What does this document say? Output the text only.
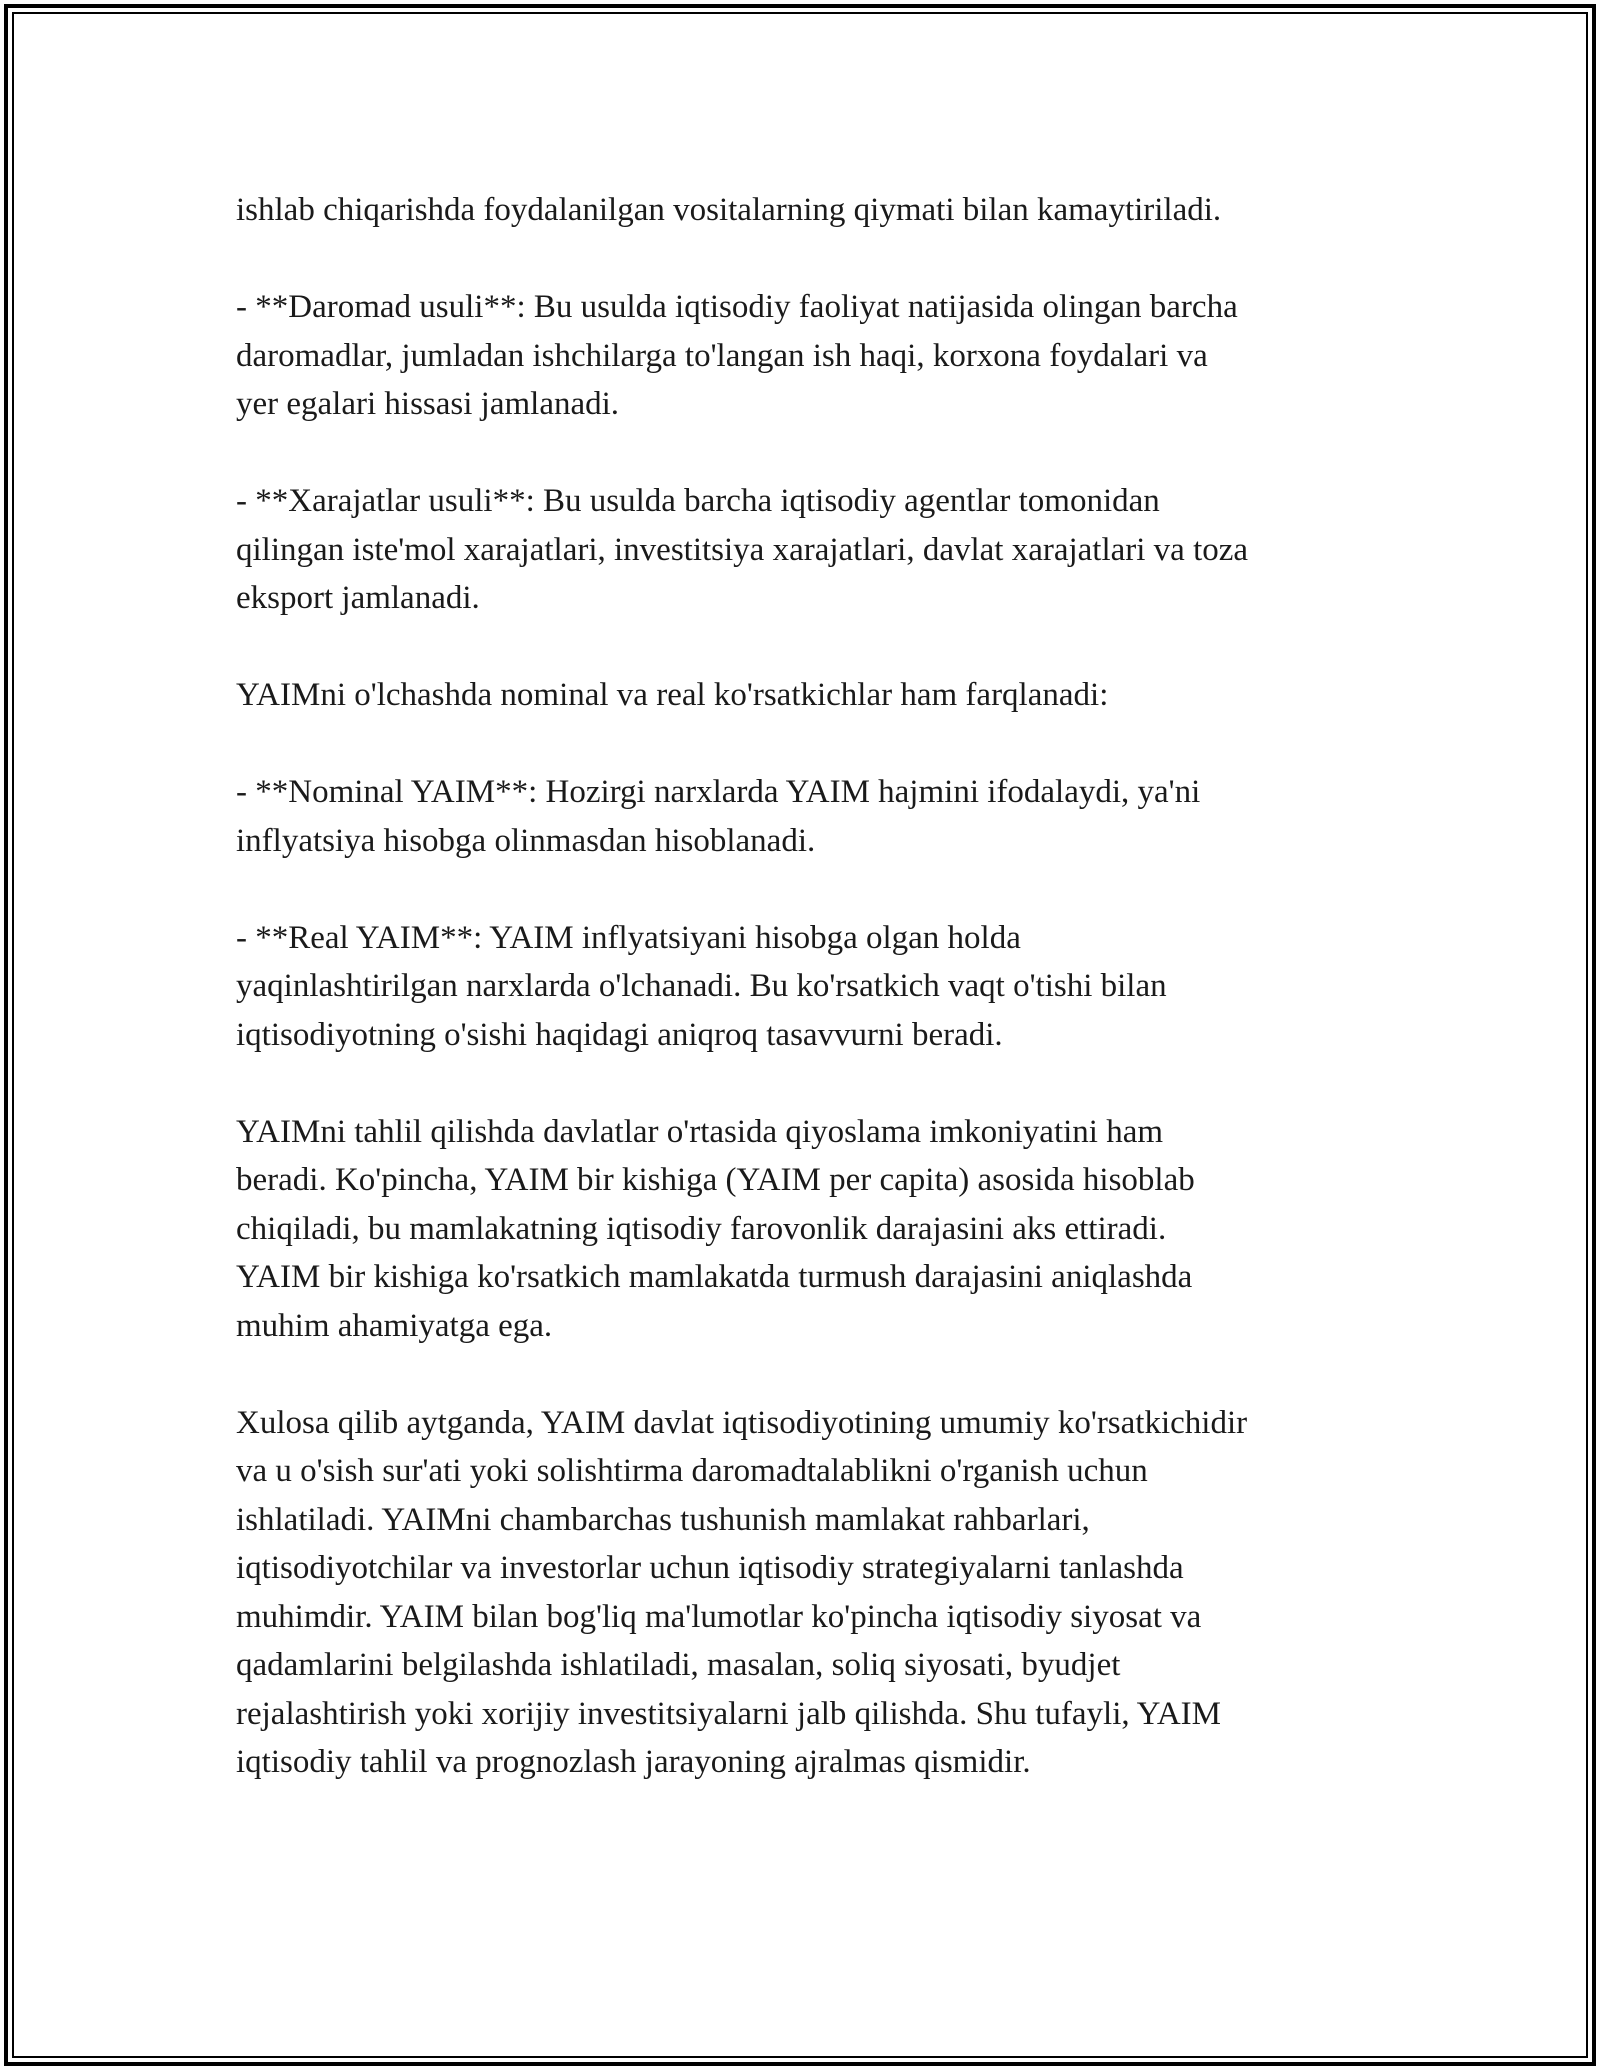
ishlab chiqarishda foydalanilgan vositalarning qiymati bilan kamaytiriladi.

- **Daromad usuli**: Bu usulda iqtisodiy faoliyat natijasida olingan barcha
daromadlar, jumladan ishchilarga to'langan ish haqi, korxona foydalari va
yer egalari hissasi jamlanadi.

- **Xarajatlar usuli**: Bu usulda barcha iqtisodiy agentlar tomonidan
qilingan iste'mol xarajatlari, investitsiya xarajatlari, davlat xarajatlari va toza
eksport jamlanadi.

YAIMni o'lchashda nominal va real ko'rsatkichlar ham farqlanadi:

- **Nominal YAIM**: Hozirgi narxlarda YAIM hajmini ifodalaydi, ya'ni
inflyatsiya hisobga olinmasdan hisoblanadi.

- **Real YAIM**: YAIM inflyatsiyani hisobga olgan holda
yaqinlashtirilgan narxlarda o'lchanadi. Bu ko'rsatkich vaqt o'tishi bilan
iqtisodiyotning o'sishi haqidagi aniqroq tasavvurni beradi.

YAIMni tahlil qilishda davlatlar o'rtasida qiyoslama imkoniyatini ham
beradi. Ko'pincha, YAIM bir kishiga (YAIM per capita) asosida hisoblab
chiqiladi, bu mamlakatning iqtisodiy farovonlik darajasini aks ettiradi.
YAIM bir kishiga ko'rsatkich mamlakatda turmush darajasini aniqlashda
muhim ahamiyatga ega.

Xulosa qilib aytganda, YAIM davlat iqtisodiyotining umumiy ko'rsatkichidir
va u o'sish sur'ati yoki solishtirma daromadtalablikni o'rganish uchun
ishlatiladi. YAIMni chambarchas tushunish mamlakat rahbarlari,
iqtisodiyotchilar va investorlar uchun iqtisodiy strategiyalarni tanlashda
muhimdir. YAIM bilan bog'liq ma'lumotlar ko'pincha iqtisodiy siyosat va
qadamlarini belgilashda ishlatiladi, masalan, soliq siyosati, byudjet
rejalashtirish yoki xorijiy investitsiyalarni jalb qilishda. Shu tufayli, YAIM
iqtisodiy tahlil va prognozlash jarayoning ajralmas qismidir.
